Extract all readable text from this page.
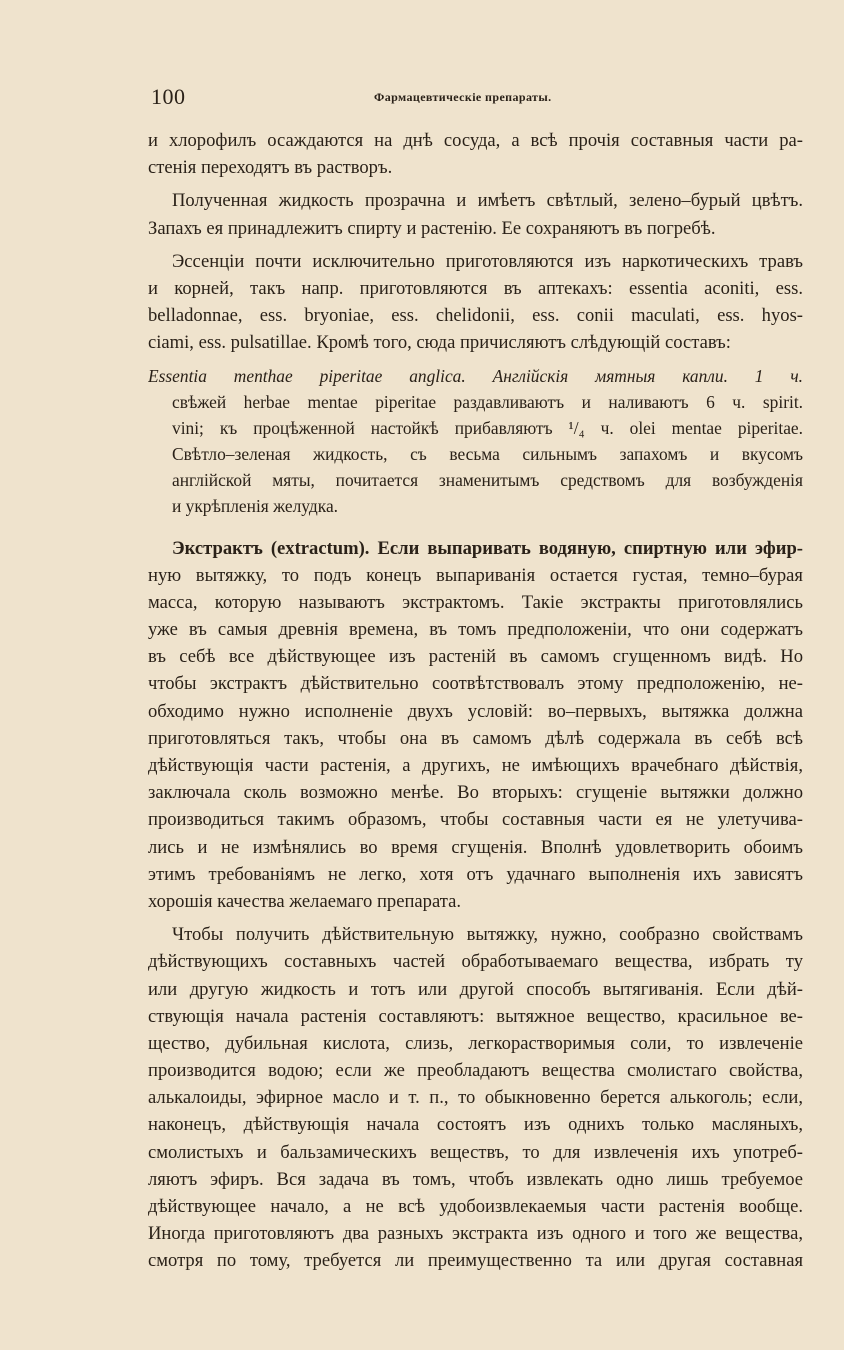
100	Фармацевтическіе препараты.
и хлорофилъ осаждаются на днѣ сосуда, а всѣ прочія составныя части ра-
стенія переходятъ въ растворъ.
Полученная жидкость прозрачна и имѣетъ свѣтлый, зелено–бурый цвѣтъ.
Запахъ ея принадлежитъ спирту и растенію. Ее сохраняютъ въ погребѣ.
Эссенціи почти исключительно приготовляются изъ наркотическихъ травъ
и корней, такъ напр. приготовляются въ аптекахъ: essentia aconiti, ess.
belladonnae, ess. bryoniae, ess. chelidonii, ess. conii maculati, ess. hyos-
ciami, ess. pulsatillae. Кромѣ того, сюда причисляютъ слѣдующій составъ:
Essentia menthae piperitae anglica. Англійскія мятныя капли. 1 ч.
свѣжей herbae mentae piperitae раздавливаютъ и наливаютъ 6 ч. spirit.
vini; къ процѣженной настойкѣ прибавляютъ ¹/₄ ч. olei mentae piperitae.
Свѣтло–зеленая жидкость, съ весьма сильнымъ запахомъ и вкусомъ
англійской мяты, почитается знаменитымъ средствомъ для возбужденія
и укрѣпленія желудка.
Экстрактъ (extractum). Если выпаривать водяную, спиртную или эфир-
ную вытяжку, то подъ конецъ выпариванія остается густая, темно–бурая
масса, которую называютъ экстрактомъ. Такіе экстракты приготовлялись
уже въ самыя древнія времена, въ томъ предположеніи, что они содержатъ
въ себѣ все дѣйствующее изъ растеній въ самомъ сгущенномъ видѣ. Но
чтобы экстрактъ дѣйствительно соотвѣтствовалъ этому предположенію, не-
обходимо нужно исполненіе двухъ условій: во–первыхъ, вытяжка должна
приготовляться такъ, чтобы она въ самомъ дѣлѣ содержала въ себѣ всѣ
дѣйствующія части растенія, а другихъ, не имѣющихъ врачебнаго дѣйствія,
заключала сколь возможно менѣе. Во вторыхъ: сгущеніе вытяжки должно
производиться такимъ образомъ, чтобы составныя части ея не улетучива-
лись и не измѣнялись во время сгущенія. Вполнѣ удовлетворить обоимъ
этимъ требованіямъ не легко, хотя отъ удачнаго выполненія ихъ зависятъ
хорошія качества желаемаго препарата.
Чтобы получить дѣйствительную вытяжку, нужно, сообразно свойствамъ
дѣйствующихъ составныхъ частей обработываемаго вещества, избрать ту
или другую жидкость и тотъ или другой способъ вытягиванія. Если дѣй-
ствующія начала растенія составляютъ: вытяжное вещество, красильное ве-
щество, дубильная кислота, слизь, легкорастворимыя соли, то извлеченіе
производится водою; если же преобладаютъ вещества смолистаго свойства,
алькалоиды, эфирное масло и т. п., то обыкновенно берется алькоголь; если,
наконецъ, дѣйствующія начала состоятъ изъ однихъ только масляныхъ,
смолистыхъ и бальзамическихъ веществъ, то для извлеченія ихъ употреб-
ляютъ эфиръ. Вся задача въ томъ, чтобъ извлекать одно лишь требуемое
дѣйствующее начало, а не всѣ удобоизвлекаемыя чаcти растенія вообще.
Иногда приготовляютъ два разныхъ экстракта изъ одного и того же вещества,
смотря по тому, требуется ли преимущественно та или другая составная
